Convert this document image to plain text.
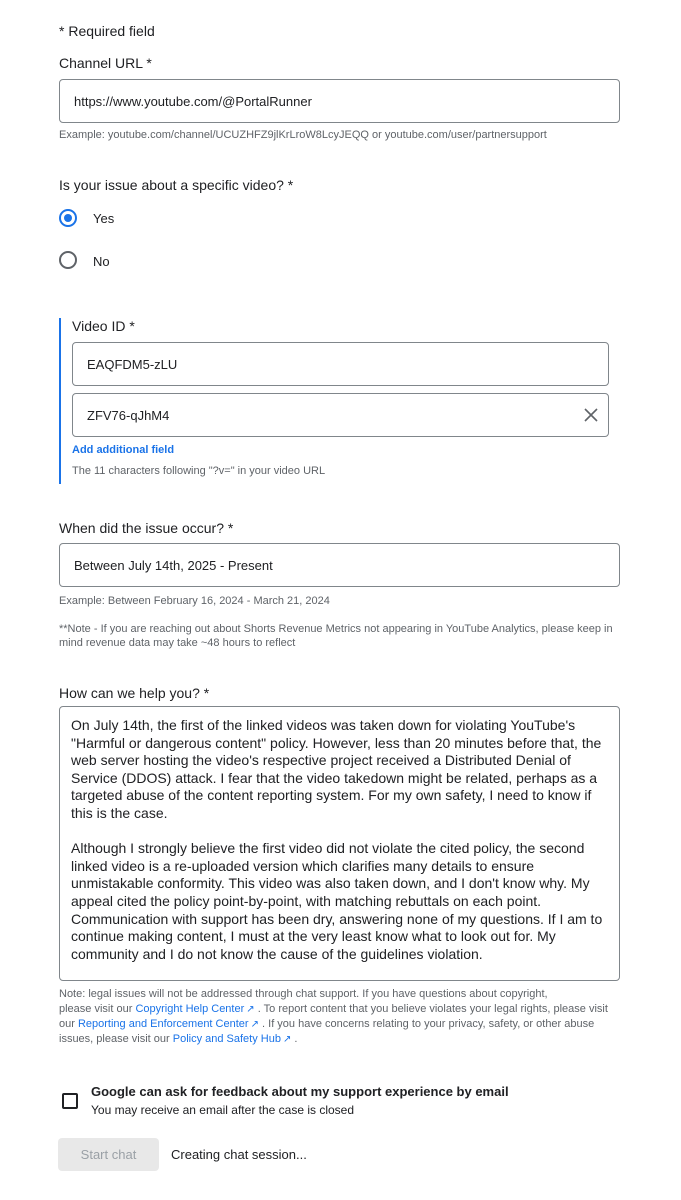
* Required field
Channel URL *
https://www.youtube.com/@PortalRunner
Example: youtube.com/channel/UCUZHFZ9jlKrLroW8LcyJEQQ or youtube.com/user/partnersupport
Is your issue about a specific video? *
Yes
No
Video ID *
EAQFDM5-zLU
ZFV76-qJhM4
Add additional field
The 11 characters following "?v=" in your video URL
When did the issue occur? *
Between July 14th, 2025 - Present
Example: Between February 16, 2024 - March 21, 2024
**Note - If you are reaching out about Shorts Revenue Metrics not appearing in YouTube Analytics, please keep in
mind revenue data may take ~48 hours to reflect
How can we help you? *
On July 14th, the first of the linked videos was taken down for violating YouTube's "Harmful or dangerous content" policy. However, less than 20 minutes before that, the web server hosting the video's respective project received a Distributed Denial of Service (DDOS) attack. I fear that the video takedown might be related, perhaps as a targeted abuse of the content reporting system. For my own safety, I need to know if this is the case. Although I strongly believe the first video did not violate the cited policy, the second linked video is a re-uploaded version which clarifies many details to ensure unmistakable conformity. This video was also taken down, and I don't know why. My appeal cited the policy point-by-point, with matching rebuttals on each point. Communication with support has been dry, answering none of my questions. If I am to continue making content, I must at the very least know what to look out for. My community and I do not know the cause of the guidelines violation.
Note: legal issues will not be addressed through chat support. If you have questions about copyright,
please visit our Copyright Help Center ↗ . To report content that you believe violates your legal rights, please visit
our Reporting and Enforcement Center ↗ . If you have concerns relating to your privacy, safety, or other abuse
issues, please visit our Policy and Safety Hub ↗ .
Google can ask for feedback about my support experience by email
You may receive an email after the case is closed
Start chat	Creating chat session...
